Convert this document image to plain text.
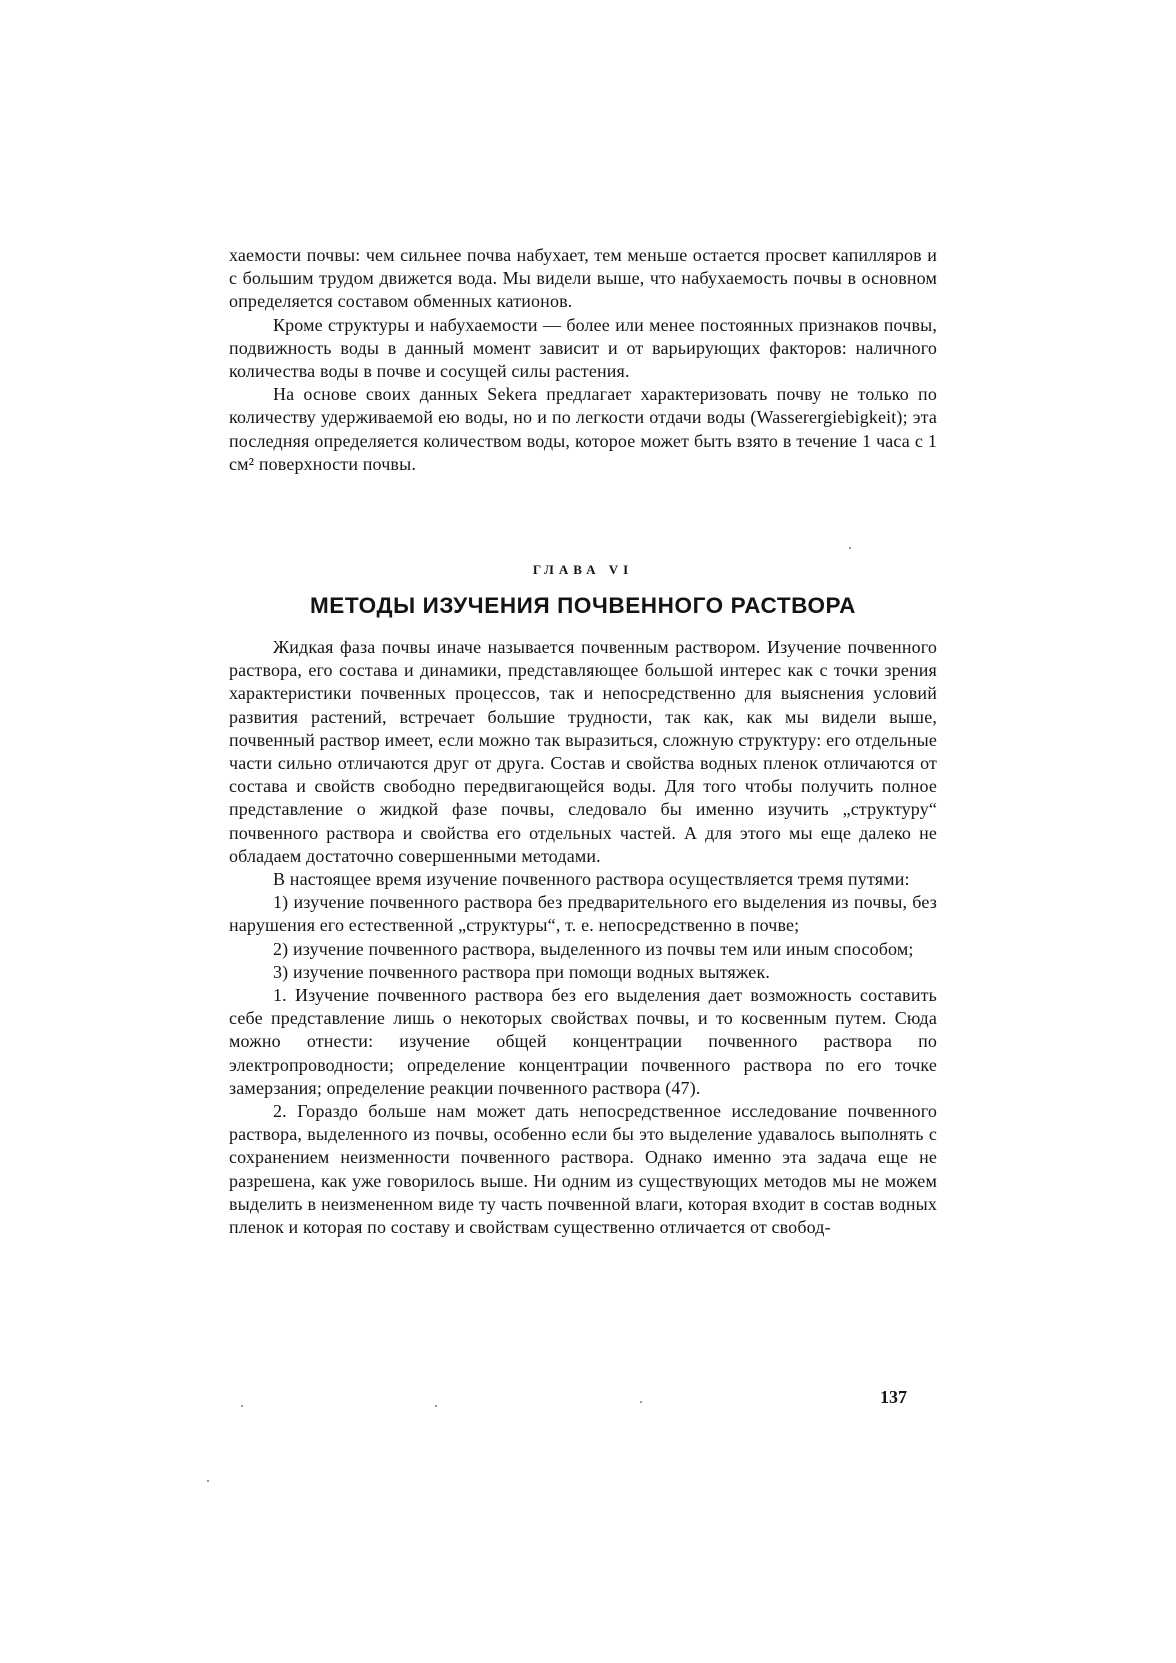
хаемости почвы: чем сильнее почва набухает, тем меньше остается просвет капилляров и с большим трудом движется вода. Мы видели выше, что набухаемость почвы в основном определяется составом обменных катионов.

Кроме структуры и набухаемости — более или менее постоянных признаков почвы, подвижность воды в данный момент зависит и от варьирующих факторов: наличного количества воды в почве и сосущей силы растения.

На основе своих данных Sekera предлагает характеризовать почву не только по количеству удерживаемой ею воды, но и по легкости отдачи воды (Wasserergiebigkeit); эта последняя определяется количеством воды, которое может быть взято в течение 1 часа с 1 см² поверхности почвы.

ГЛАВА VI

МЕТОДЫ ИЗУЧЕНИЯ ПОЧВЕННОГО РАСТВОРА

Жидкая фаза почвы иначе называется почвенным раствором. Изучение почвенного раствора, его состава и динамики, представляющее большой интерес как с точки зрения характеристики почвенных процессов, так и непосредственно для выяснения условий развития растений, встречает большие трудности, так как, как мы видели выше, почвенный раствор имеет, если можно так выразиться, сложную структуру: его отдельные части сильно отличаются друг от друга. Состав и свойства водных пленок отличаются от состава и свойств свободно передвигающейся воды. Для того чтобы получить полное представление о жидкой фазе почвы, следовало бы именно изучить „структуру“ почвенного раствора и свойства его отдельных частей. А для этого мы еще далеко не обладаем достаточно совершенными методами.

В настоящее время изучение почвенного раствора осуществляется тремя путями:

1) изучение почвенного раствора без предварительного его выделения из почвы, без нарушения его естественной „структуры“, т. е. непосредственно в почве;

2) изучение почвенного раствора, выделенного из почвы тем или иным способом;

3) изучение почвенного раствора при помощи водных вытяжек.

1. Изучение почвенного раствора без его выделения дает возможность составить себе представление лишь о некоторых свойствах почвы, и то косвенным путем. Сюда можно отнести: изучение общей концентрации почвенного раствора по электропроводности; определение концентрации почвенного раствора по его точке замерзания; определение реакции почвенного раствора (47).

2. Гораздо больше нам может дать непосредственное исследование почвенного раствора, выделенного из почвы, особенно если бы это выделение удавалось выполнять с сохранением неизменности почвенного раствора. Однако именно эта задача еще не разрешена, как уже говорилось выше. Ни одним из существующих методов мы не можем выделить в неизмененном виде ту часть почвенной влаги, которая входит в состав водных пленок и которая по составу и свойствам существенно отличается от свобод-

137
